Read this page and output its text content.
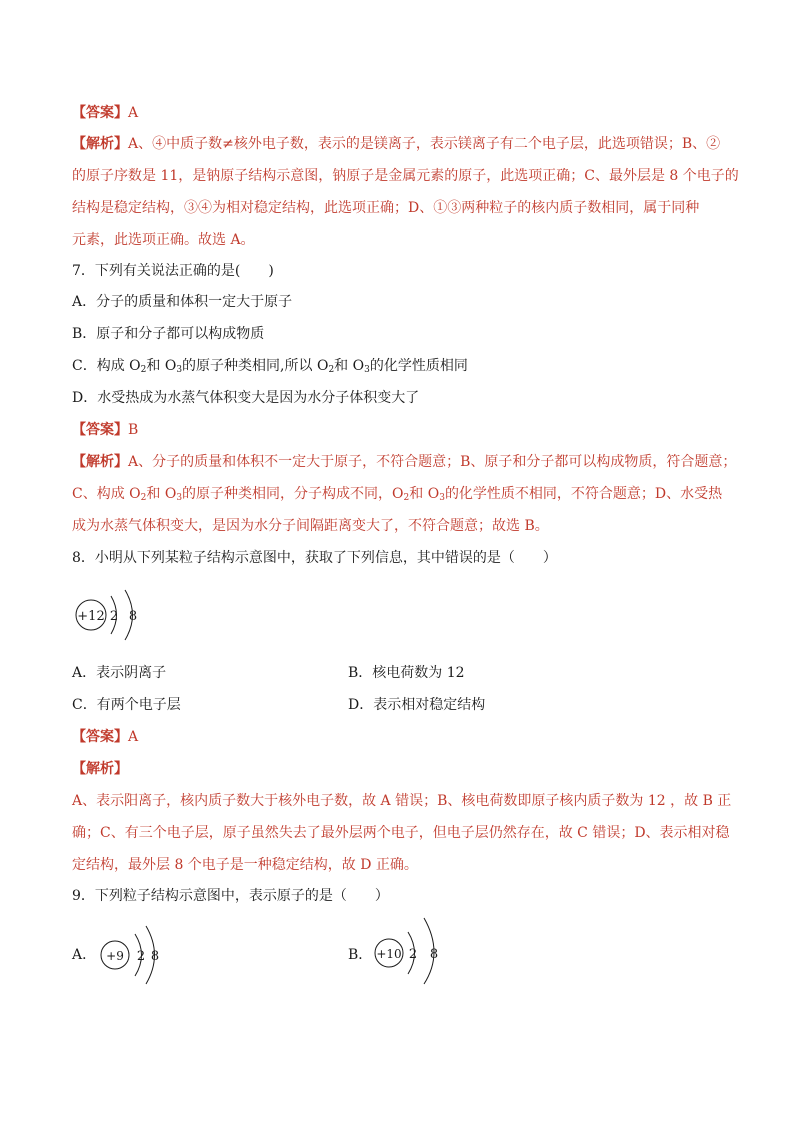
【答案】A
【解析】A、④中质子数≠核外电子数，表示的是镁离子，表示镁离子有二个电子层，此选项错误；B、②
的原子序数是 11，是钠原子结构示意图，钠原子是金属元素的原子，此选项正确；C、最外层是 8 个电子的
结构是稳定结构，③④为相对稳定结构，此选项正确；D、①③两种粒子的核内质子数相同，属于同种
元素，此选项正确。故选 A。
7．下列有关说法正确的是(　　)
A．分子的质量和体积一定大于原子
B．原子和分子都可以构成物质
C．构成 $O_2$和 $O_3$的原子种类相同,所以 $O_2$和 $O_3$的化学性质相同
D．水受热成为水蒸气体积变大是因为水分子体积变大了
【答案】B
【解析】A、分子的质量和体积不一定大于原子，不符合题意；B、原子和分子都可以构成物质，符合题意；
C、构成 $O_2$和 $O_3$的原子种类相同，分子构成不同，$O_2$和 $O_3$的化学性质不相同，不符合题意；D、水受热
成为水蒸气体积变大，是因为水分子间隔距离变大了，不符合题意；故选 B。
8．小明从下列某粒子结构示意图中，获取了下列信息，其中错误的是（　　）
+12 2 8
A．表示阴离子	B．核电荷数为 12
C．有两个电子层	D．表示相对稳定结构
【答案】A
【解析】
A、表示阳离子，核内质子数大于核外电子数，故 A 错误；B、核电荷数即原子核内质子数为 12 ，故 B 正
确；C、有三个电子层，原子虽然失去了最外层两个电子，但电子层仍然存在，故 C 错误；D、表示相对稳
定结构，最外层 8 个电子是一种稳定结构，故 D 正确。
9．下列粒子结构示意图中，表示原子的是（　　）
A． +9 2 8	B． +10 2 8
